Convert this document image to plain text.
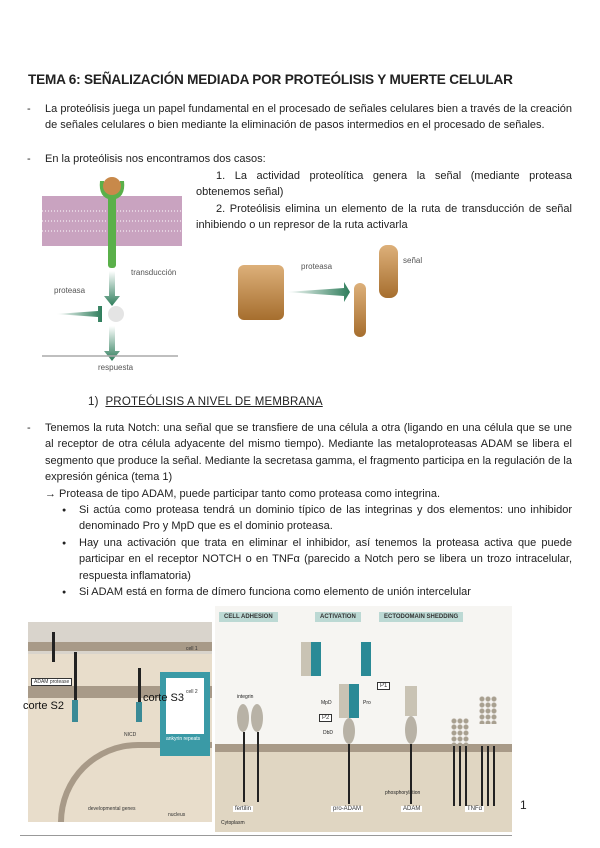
TEMA 6: SEÑALIZACIÓN MEDIADA POR PROTEÓLISIS Y MUERTE CELULAR
- La proteólisis juega un papel fundamental en el procesado de señales celulares bien a través de la creación de señales celulares o bien mediante la eliminación de pasos intermedios en el procesado de señales.
- En la proteólisis nos encontramos dos casos:
1. La actividad proteolítica genera la señal (mediante proteasa obtenemos señal)
2. Proteólisis elimina un elemento de la ruta de transducción de señal inhibiendo o un represor de la ruta activarla
transducción
proteasa
respuesta
proteasa
señal
1) PROTEÓLISIS A NIVEL DE MEMBRANA
- Tenemos la ruta Notch: una señal que se transfiere de una célula a otra (ligando en una célula que se une al receptor de otra célula adyacente del mismo tiempo). Mediante las metaloproteasas ADAM se libera el segmento que produce la señal. Mediante la secretasa gamma, el fragmento participa en la regulación de la expresión génica (tema 1)
→ Proteasa de tipo ADAM, puede participar tanto como proteasa como integrina.
● Si actúa como proteasa tendrá un dominio típico de las integrinas y dos elementos: uno inhibidor denominado Pro y MpD que es el dominio proteasa.
● Hay una activación que trata en eliminar el inhibidor, así tenemos la proteasa activa que puede participar en el receptor NOTCH o en TNFα (parecido a Notch pero se libera un trozo intracelular, respuesta inflamatoria)
● Si ADAM está en forma de dímero funciona como elemento de unión intercelular
ADAM protease
cell 1
cell 2
NICD
ankyrin repeats
developmental genes
nucleus
corte S2
corte S3
CELL ADHESION	ACTIVATION	ECTODOMAIN SHEDDING
integrin
MpD	Pro
P1
P2
DbD
phosphorylation
fertilin	pro-ADAM	ADAM	TNFα
Cytoplasm
1
